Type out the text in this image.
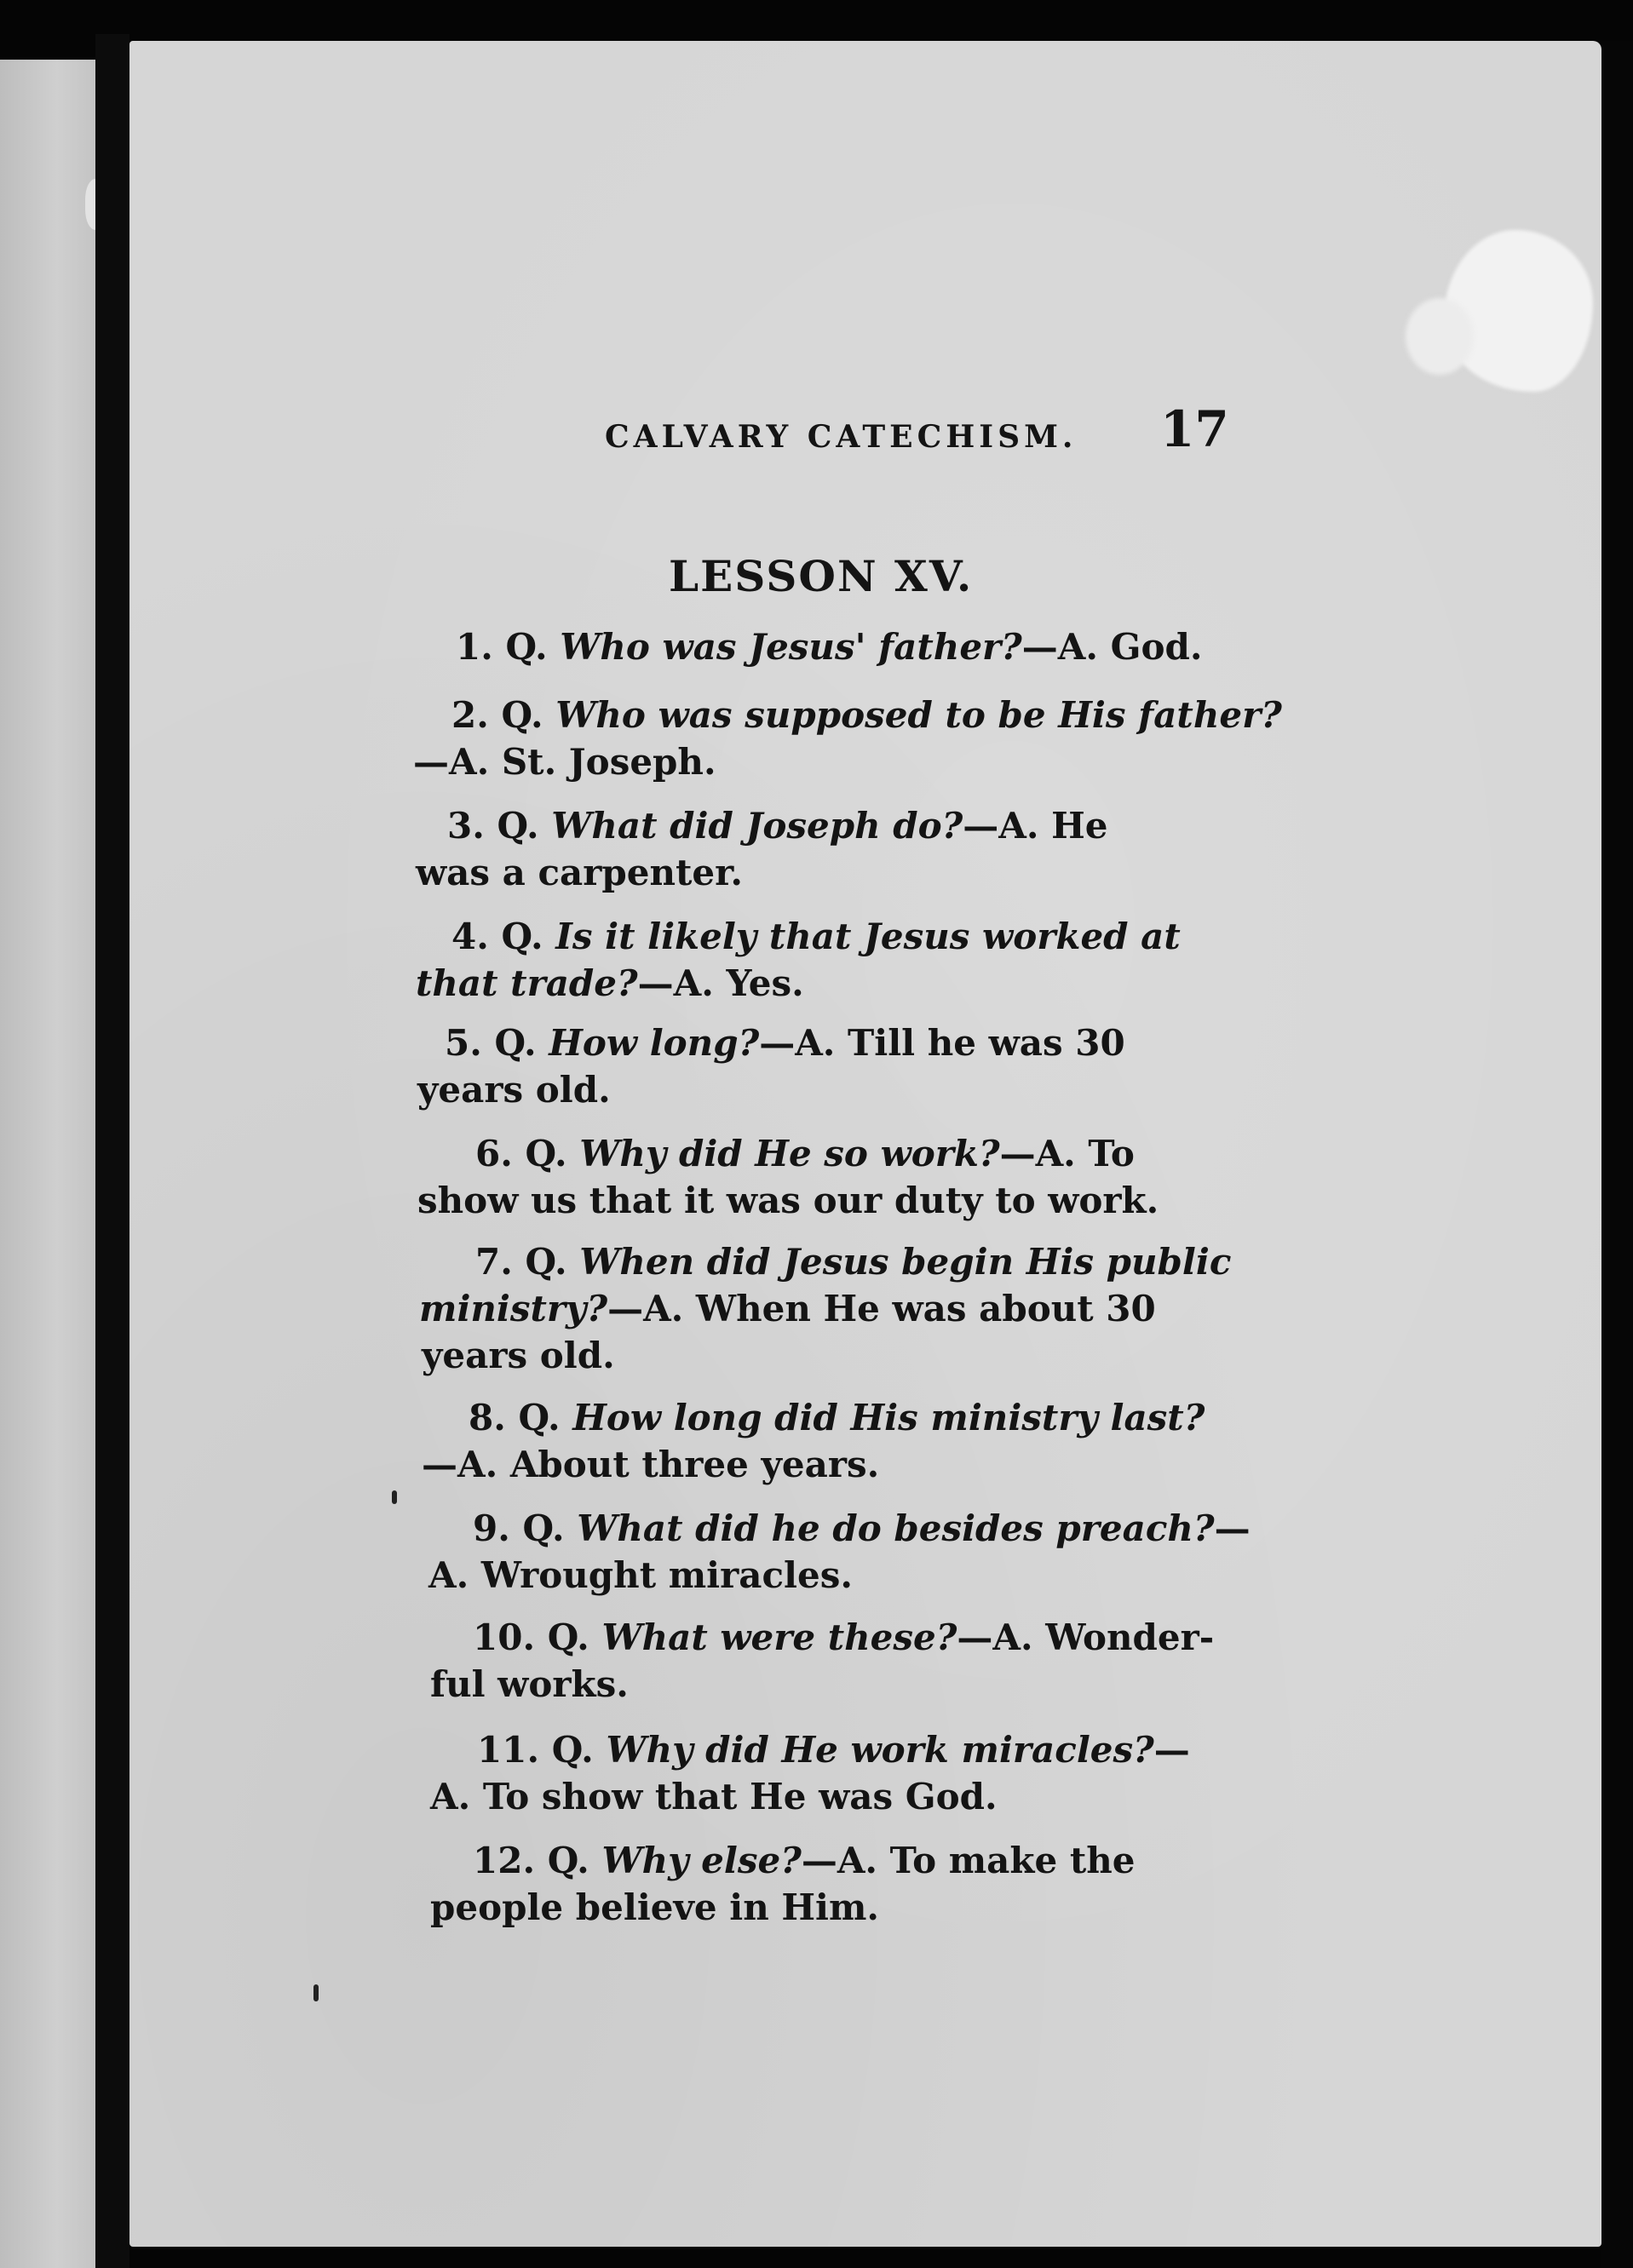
CALVARY CATECHISM. 17
LESSON XV.
1. Q. Who was Jesus' father?—A. God.
2. Q. Who was supposed to be His father?
—A. St. Joseph.
3. Q. What did Joseph do?—A. He
was a carpenter.
4. Q. Is it likely that Jesus worked at
that trade?—A. Yes.
5. Q. How long?—A. Till he was 30
years old.
6. Q. Why did He so work?—A. To
show us that it was our duty to work.
7. Q. When did Jesus begin His public
ministry?—A. When He was about 30
years old.
8. Q. How long did His ministry last?
—A. About three years.
9. Q. What did he do besides preach?—
A. Wrought miracles.
10. Q. What were these?—A. Wonder-
ful works.
11. Q. Why did He work miracles?—
A. To show that He was God.
12. Q. Why else?—A. To make the
people believe in Him.
